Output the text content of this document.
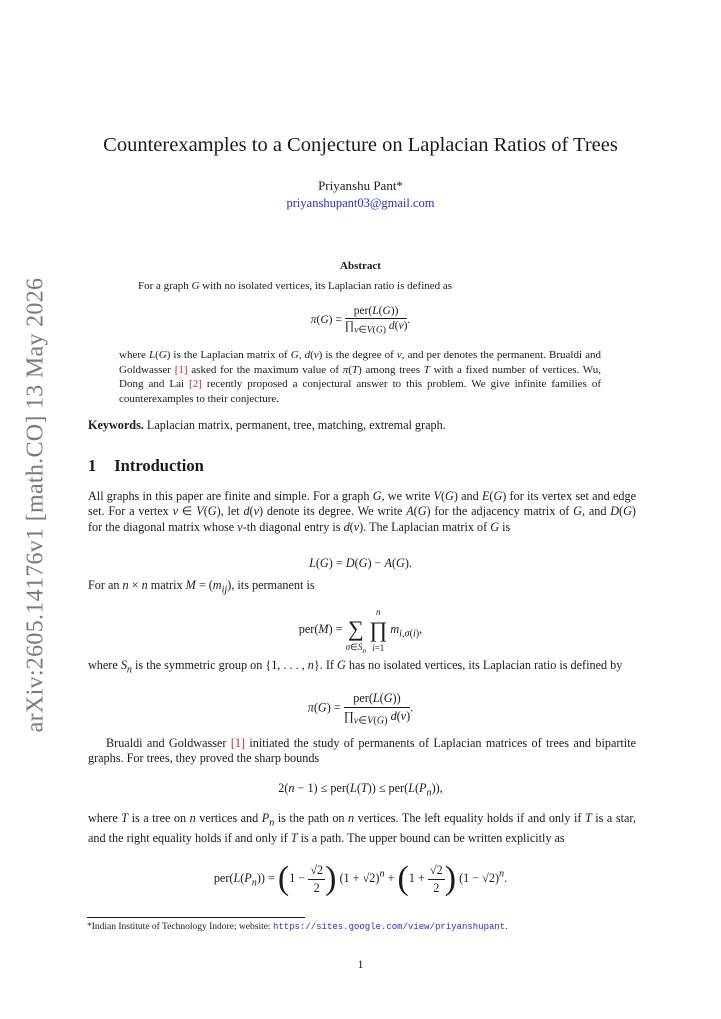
arXiv:2605.14176v1 [math.CO] 13 May 2026
Counterexamples to a Conjecture on Laplacian Ratios of Trees
Priyanshu Pant*
priyanshupant03@gmail.com
Abstract
For a graph G with no isolated vertices, its Laplacian ratio is defined as
$\pi(G) = \frac{\text{per(L(G))}}{\prod_{v\in V(G)} d(v)}$ .
where L(G) is the Laplacian matrix of G, d(v) is the degree of v, and per denotes the permanent. Brualdi and Goldwasser [1] asked for the maximum value of π(T) among trees T with a fixed number of vertices. Wu, Dong and Lai [2] recently proposed a conjectural answer to this problem. We give infinite families of counterexamples to their conjecture.
Keywords. Laplacian matrix, permanent, tree, matching, extremal graph.
1 Introduction
All graphs in this paper are finite and simple. For a graph G, we write V(G) and E(G) for its vertex set and edge set. For a vertex v ∈ V(G), let d(v) denote its degree. We write A(G) for the adjacency matrix of G, and D(G) for the diagonal matrix whose v-th diagonal entry is d(v). The Laplacian matrix of G is
L(G) = D(G) − A(G).
For an n × n matrix $M = (m_{ij})$, its permanent is
per(M) =

∑
$\sigma\in S_n$

n
∏
i=1
$m_{i,\sigma(i)}$,
where $S_n$ is the symmetric group on {1, . . . , n}. If G has no isolated vertices, its Laplacian ratio is defined by
$\pi(G) = \frac{\text{per(L(G))}}{\prod_{v\in V(G)} d(v)}$ .
Brualdi and Goldwasser [1] initiated the study of permanents of Laplacian matrices of trees and bipartite graphs. For trees, they proved the sharp bounds
$2(n - 1) \le per(L(T)) \le per(L(P_n))$,
where T is a tree on n vertices and $P_n$ is the path on n vertices. The left equality holds if and only if T is a star, and the right equality holds if and only if T is a path. The upper bound can be written explicitly as
$per(L(P_n)) = (1 - \frac{√2}{2}$ ) $(1 + √2)^n + (1 + \frac{√2}{2}$ ) $(1 - √2)^n$.
*Indian Institute of Technology Indore; website: https://sites.google.com/view/priyanshupant.
1
